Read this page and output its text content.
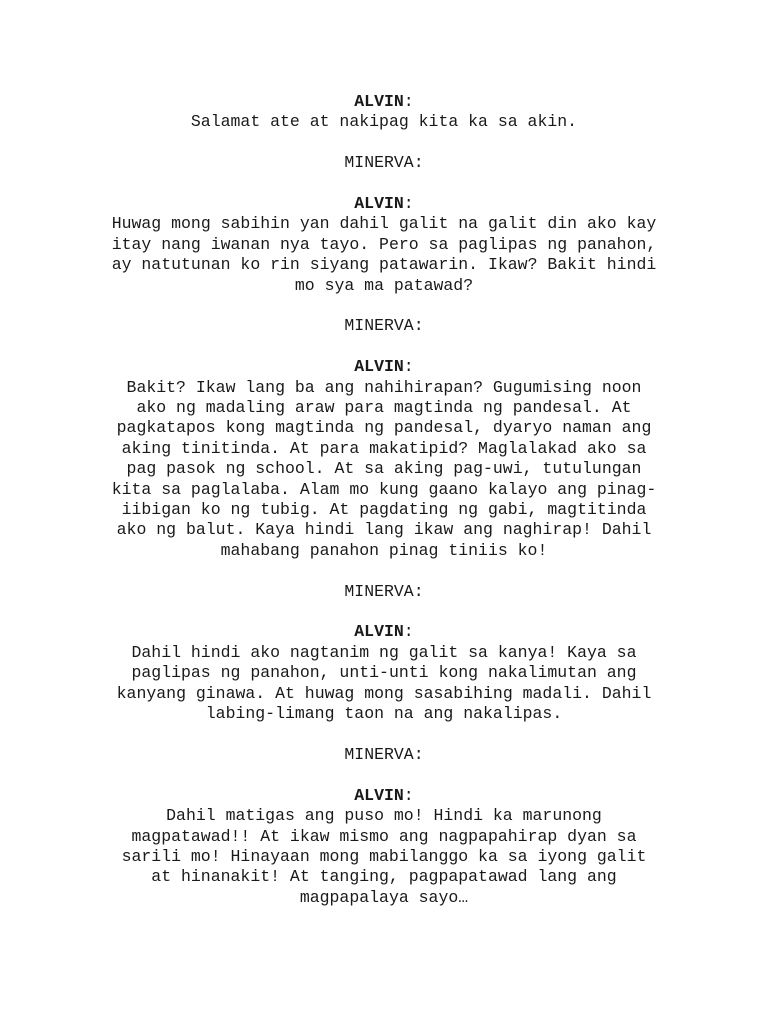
ALVIN:
Salamat ate at nakipag kita ka sa akin.
MINERVA:
ALVIN:
Huwag mong sabihin yan dahil galit na galit din ako kay
itay nang iwanan nya tayo. Pero sa paglipas ng panahon,
ay natutunan ko rin siyang patawarin. Ikaw? Bakit hindi
mo sya ma patawad?
MINERVA:
ALVIN:
Bakit? Ikaw lang ba ang nahihirapan? Gugumising noon
ako ng madaling araw para magtinda ng pandesal. At
pagkatapos kong magtinda ng pandesal, dyaryo naman ang
aking tinitinda. At para makatipid? Maglalakad ako sa
pag pasok ng school. At sa aking pag-uwi, tutulungan
kita sa paglalaba. Alam mo kung gaano kalayo ang pinag-
iibigan ko ng tubig. At pagdating ng gabi, magtitinda
ako ng balut. Kaya hindi lang ikaw ang naghirap! Dahil
mahabang panahon pinag tiniis ko!
MINERVA:
ALVIN:
Dahil hindi ako nagtanim ng galit sa kanya! Kaya sa
paglipas ng panahon, unti-unti kong nakalimutan ang
kanyang ginawa. At huwag mong sasabihing madali. Dahil
labing-limang taon na ang nakalipas.
MINERVA:
ALVIN:
Dahil matigas ang puso mo! Hindi ka marunong
magpatawad!! At ikaw mismo ang nagpapahirap dyan sa
sarili mo! Hinayaan mong mabilanggo ka sa iyong galit
at hinanakit! At tanging, pagpapatawad lang ang
magpapalaya sayo…
